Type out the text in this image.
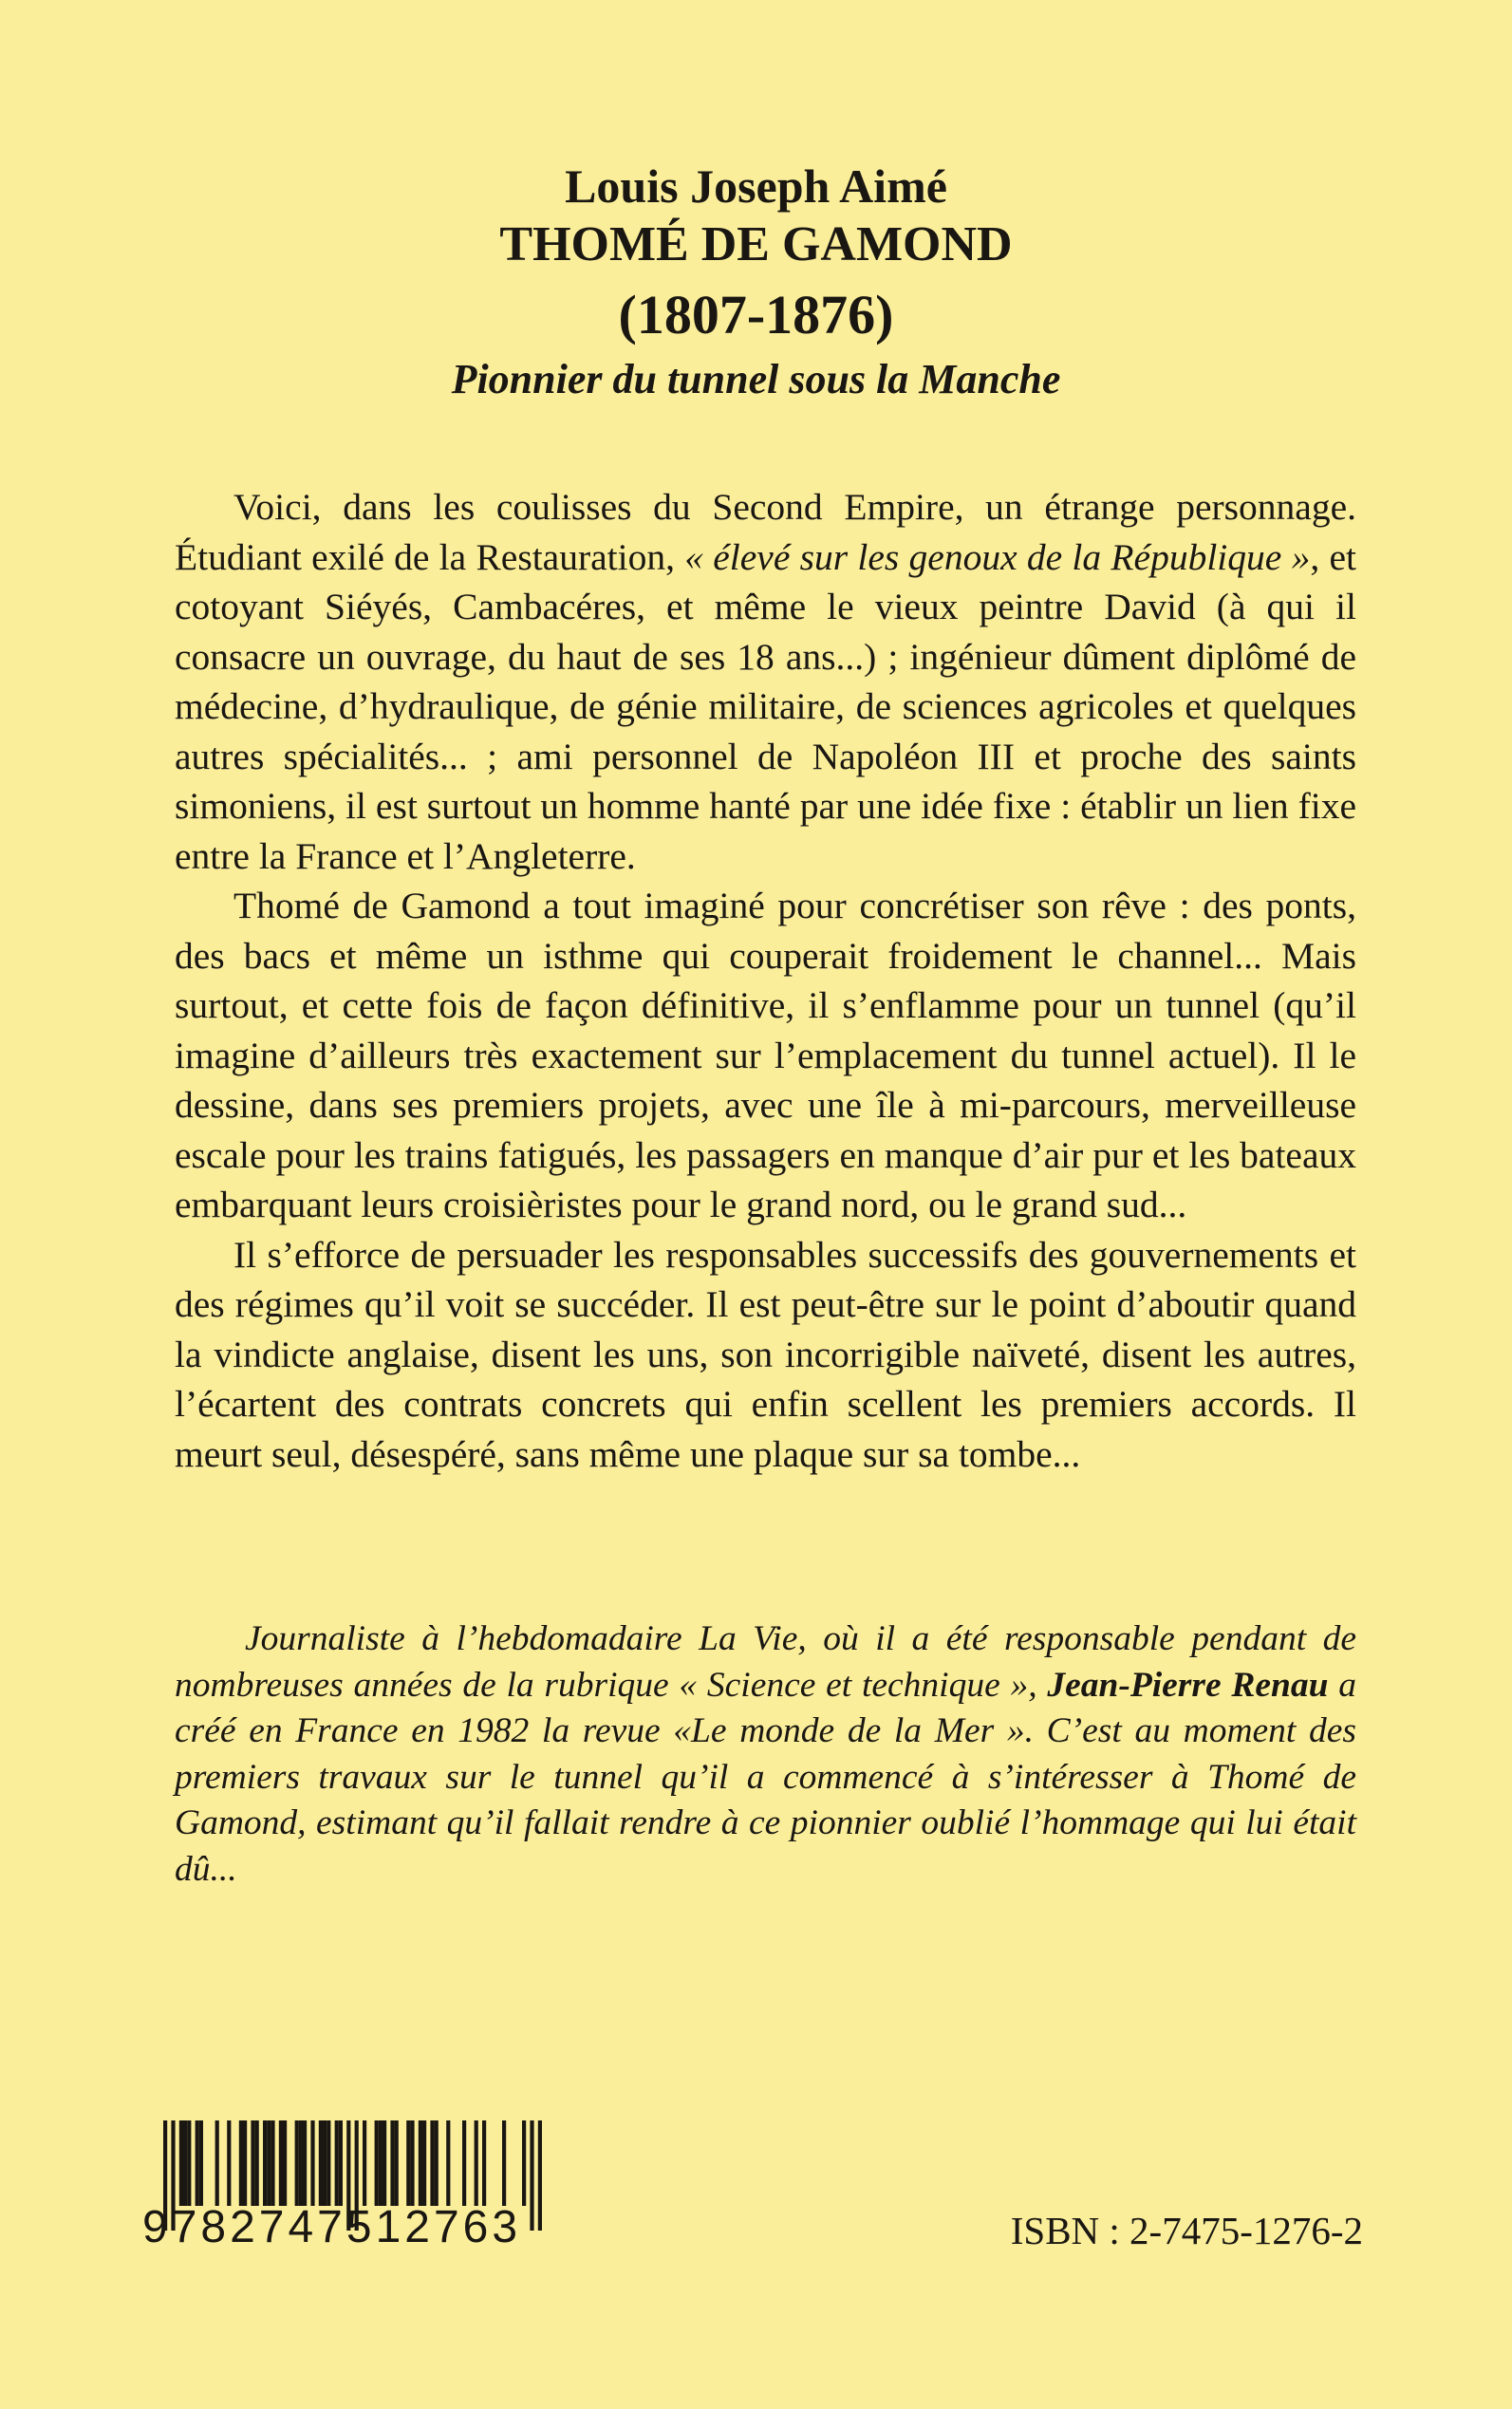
Louis Joseph Aimé
THOMÉ DE GAMOND
(1807-1876)
Pionnier du tunnel sous la Manche

Voici, dans les coulisses du Second Empire, un étrange personnage. Étudiant exilé de la Restauration, « élevé sur les genoux de la République », et cotoyant Siéyés, Cambacéres, et même le vieux peintre David (à qui il consacre un ouvrage, du haut de ses 18 ans...) ; ingénieur dûment diplômé de médecine, d’hydraulique, de génie militaire, de sciences agricoles et quelques autres spécialités... ; ami personnel de Napoléon III et proche des saints simoniens, il est surtout un homme hanté par une idée fixe : établir un lien fixe entre la France et l’Angleterre.

Thomé de Gamond a tout imaginé pour concrétiser son rêve : des ponts, des bacs et même un isthme qui couperait froidement le channel... Mais surtout, et cette fois de façon définitive, il s’enflamme pour un tunnel (qu’il imagine d’ailleurs très exactement sur l’emplacement du tunnel actuel). Il le dessine, dans ses premiers projets, avec une île à mi-parcours, merveilleuse escale pour les trains fatigués, les passagers en manque d’air pur et les bateaux embarquant leurs croisièristes pour le grand nord, ou le grand sud...

Il s’efforce de persuader les responsables successifs des gouvernements et des régimes qu’il voit se succéder. Il est peut-être sur le point d’aboutir quand la vindicte anglaise, disent les uns, son incorrigible naïveté, disent les autres, l’écartent des contrats concrets qui enfin scellent les premiers accords. Il meurt seul, désespéré, sans même une plaque sur sa tombe...

Journaliste à l’hebdomadaire La Vie, où il a été responsable pendant de nombreuses années de la rubrique « Science et technique », Jean-Pierre Renau a créé en France en 1982 la revue «Le monde de la Mer ». C’est au moment des premiers travaux sur le tunnel qu’il a commencé à s’intéresser à Thomé de Gamond, estimant qu’il fallait rendre à ce pionnier oublié l’hommage qui lui était dû...

9782747512763	ISBN : 2-7475-1276-2
